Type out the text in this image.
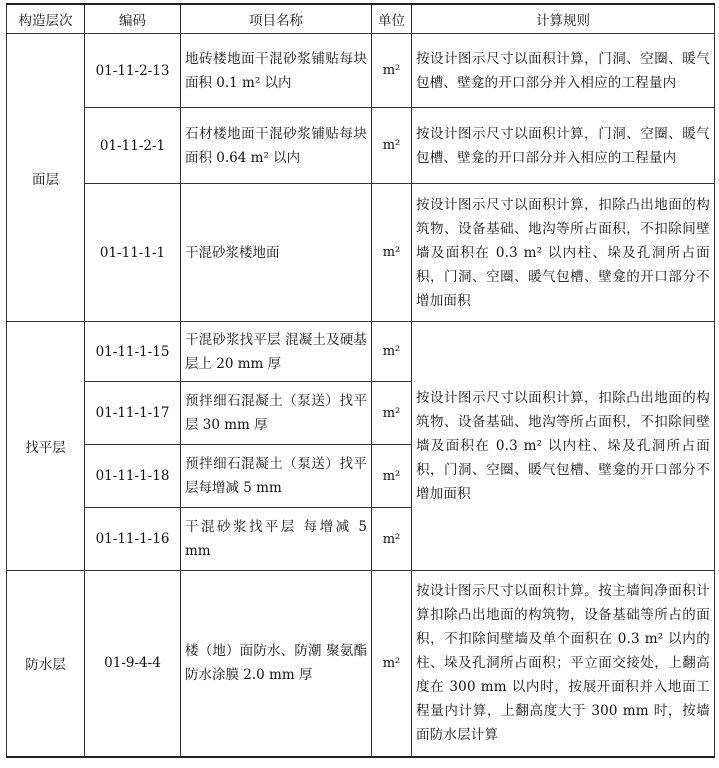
构造层次	编码	项目名称	单位	计算规则
面层	01-11-2-13	地砖楼地面干混砂浆铺贴每块面积 0.1 m² 以内	m²	按设计图示尺寸以面积计算，门洞、空圈、暖气包槽、壁龛的开口部分并入相应的工程量内
	01-11-2-1	石材楼地面干混砂浆铺贴每块面积 0.64 m² 以内	m²	按设计图示尺寸以面积计算，门洞、空圈、暖气包槽、壁龛的开口部分并入相应的工程量内
	01-11-1-1	干混砂浆楼地面	m²	按设计图示尺寸以面积计算，扣除凸出地面的构筑物、设备基础、地沟等所占面积，不扣除间壁墙及面积在 0.3 m² 以内柱、垛及孔洞所占面积，门洞、空圈、暖气包槽、壁龛的开口部分不增加面积
找平层	01-11-1-15	干混砂浆找平层 混凝土及硬基层上 20 mm 厚	m²	按设计图示尺寸以面积计算，扣除凸出地面的构筑物、设备基础、地沟等所占面积，不扣除间壁墙及面积在 0.3 m² 以内柱、垛及孔洞所占面积，门洞、空圈、暖气包槽、壁龛的开口部分不增加面积
	01-11-1-17	预拌细石混凝土（泵送）找平层 30 mm 厚	m²	
	01-11-1-18	预拌细石混凝土（泵送）找平层每增减 5 mm	m²	
	01-11-1-16	干混砂浆找平层 每增减 5 mm	m²	
防水层	01-9-4-4	楼（地）面防水、防潮 聚氨酯防水涂膜 2.0 mm 厚	m²	按设计图示尺寸以面积计算。按主墙间净面积计算扣除凸出地面的构筑物，设备基础等所占的面积，不扣除间壁墙及单个面积在 0.3 m² 以内的柱、垛及孔洞所占面积；平立面交接处，上翻高度在 300 mm 以内时，按展开面积并入地面工程量内计算，上翻高度大于 300 mm 时，按墙面防水层计算
